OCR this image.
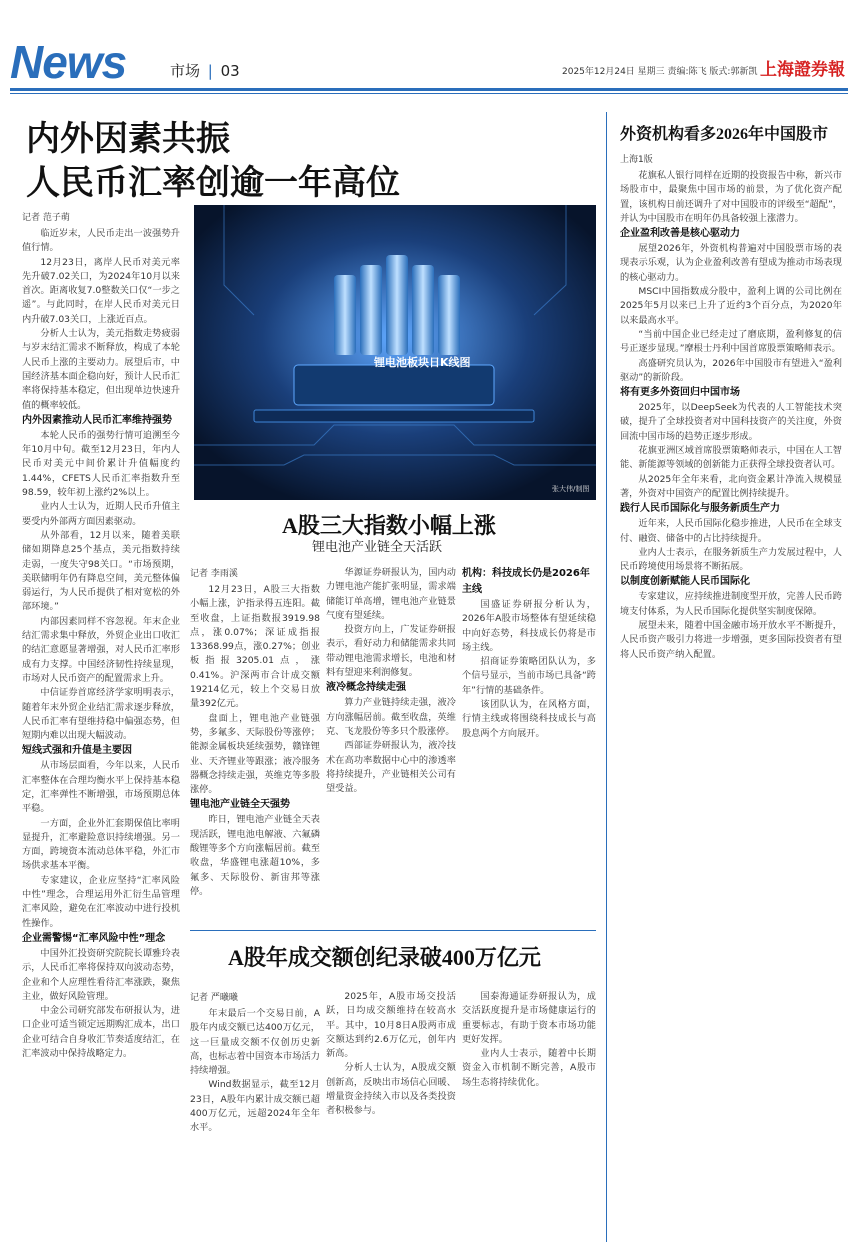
News	市场 | 03	2025年12月24日 星期三 责编:陈飞 版式:郭新凯 上海證券報
内外因素共振
人民币汇率创逾一年高位
记者 范子萌

临近岁末，人民币走出一波强势升值行情。

12月23日，离岸人民币对美元率先升破7.02关口，为2024年10月以来首次。距离收复7.0整数关口仅“一步之遥”。与此同时，在岸人民币对美元日内升破7.03关口，上涨近百点。

分析人士认为，美元指数走势疲弱与岁末结汇需求不断释放，构成了本轮人民币上涨的主要动力。展望后市，中国经济基本面企稳向好，预计人民币汇率将保持基本稳定，但出现单边快速升值的概率较低。

内外因素推动人民币汇率维持强势

本轮人民币的强势行情可追溯至今年10月中旬。截至12月23日，年内人民币对美元中间价累计升值幅度约1.44%，CFETS人民币汇率指数升至98.59，较年初上涨约2%以上。

业内人士认为，近期人民币升值主要受内外部两方面因素驱动。

从外部看，12月以来，随着美联储如期降息25个基点，美元指数持续走弱，一度失守98关口。“市场预期，美联储明年仍有降息空间，美元整体偏弱运行，为人民币提供了相对宽松的外部环境。”

内部因素同样不容忽视。年末企业结汇需求集中释放，外贸企业出口收汇的结汇意愿显著增强，对人民币汇率形成有力支撑。中国经济韧性持续显现，市场对人民币资产的配置需求上升。

中信证券首席经济学家明明表示，随着年末外贸企业结汇需求逐步释放，人民币汇率有望维持稳中偏强态势，但短期内难以出现大幅波动。

短线式强和升值是主要因

从市场层面看，今年以来，人民币汇率整体在合理均衡水平上保持基本稳定，汇率弹性不断增强，市场预期总体平稳。

一方面，企业外汇套期保值比率明显提升，汇率避险意识持续增强。另一方面，跨境资本流动总体平稳，外汇市场供求基本平衡。

专家建议，企业应坚持“汇率风险中性”理念，合理运用外汇衍生品管理汇率风险，避免在汇率波动中进行投机性操作。

企业需警惕“汇率风险中性”理念

中国外汇投资研究院院长谭雅玲表示，人民币汇率将保持双向波动态势，企业和个人应理性看待汇率涨跌，聚焦主业，做好风险管理。

中金公司研究部发布研报认为，进口企业可适当锁定远期购汇成本，出口企业可结合自身收汇节奏适度结汇，在汇率波动中保持战略定力。

锂电池板块日K线图
张大伟/制图
A股三大指数小幅上涨
锂电池产业链全天活跃
记者 李雨溪

12月23日，A股三大指数小幅上涨，沪指录得五连阳。截至收盘，上证指数报3919.98点，涨0.07%；深证成指报13368.99点，涨0.27%；创业板指报3205.01点，涨0.41%。沪深两市合计成交额19214亿元，较上个交易日放量392亿元。

盘面上，锂电池产业链强势，多氟多、天际股份等涨停；能源金属板块延续强势，赣锋锂业、天齐锂业等跟涨；液冷服务器概念持续走强，英维克等多股涨停。

锂电池产业链全天强势

昨日，锂电池产业链全天表现活跃，锂电池电解液、六氟磷酸锂等多个方向涨幅居前。截至收盘，华盛锂电涨超10%，多氟多、天际股份、新宙邦等涨停。

华源证券研报认为，国内动力锂电池产能扩张明显，需求端储能订单高增，锂电池产业链景气度有望延续。

投资方向上，广发证券研报表示，看好动力和储能需求共同带动锂电池需求增长，电池和材料有望迎来利润修复。

液冷概念持续走强

算力产业链持续走强，液冷方向涨幅居前。截至收盘，英维克、飞龙股份等多只个股涨停。

西部证券研报认为，液冷技术在高功率数据中心中的渗透率将持续提升，产业链相关公司有望受益。

机构：科技成长仍是2026年主线

国盛证券研报分析认为，2026年A股市场整体有望延续稳中向好态势，科技成长仍将是市场主线。

招商证券策略团队认为，多个信号显示，当前市场已具备“跨年”行情的基础条件。

该团队认为，在风格方面，行情主线或将围绕科技成长与高股息两个方向展开。

A股年成交额创纪录破400万亿元
记者 严曦曦

年末最后一个交易日前，A股年内成交额已达400万亿元，这一巨量成交额不仅创历史新高，也标志着中国资本市场活力持续增强。

Wind数据显示，截至12月23日，A股年内累计成交额已超400万亿元，远超2024年全年水平。

2025年，A股市场交投活跃，日均成交额维持在较高水平。其中，10月8日A股两市成交额达到约2.6万亿元，创年内新高。

分析人士认为，A股成交额创新高，反映出市场信心回暖、增量资金持续入市以及各类投资者积极参与。

国泰海通证券研报认为，成交活跃度提升是市场健康运行的重要标志，有助于资本市场功能更好发挥。

业内人士表示，随着中长期资金入市机制不断完善，A股市场生态将持续优化。

外资机构看多2026年中国股市
上海1版

花旗私人银行同样在近期的投资报告中称，新兴市场股市中，最聚焦中国市场的前景，为了优化资产配置，该机构日前还调升了对中国股市的评级至“超配”，并认为中国股市在明年仍具备较强上涨潜力。

企业盈利改善是核心驱动力

展望2026年，外资机构普遍对中国股票市场的表现表示乐观，认为企业盈利改善有望成为推动市场表现的核心驱动力。

MSCI中国指数成分股中，盈利上调的公司比例在2025年5月以来已上升了近约3个百分点，为2020年以来最高水平。

“当前中国企业已经走过了磨底期，盈利修复的信号正逐步显现。”摩根士丹利中国首席股票策略师表示。

高盛研究员认为，2026年中国股市有望进入“盈利驱动”的新阶段。

将有更多外资回归中国市场

2025年，以DeepSeek为代表的人工智能技术突破，提升了全球投资者对中国科技资产的关注度，外资回流中国市场的趋势正逐步形成。

花旗亚洲区域首席股票策略师表示，中国在人工智能、新能源等领域的创新能力正获得全球投资者认可。

从2025年全年来看，北向资金累计净流入规模显著，外资对中国资产的配置比例持续提升。

践行人民币国际化与服务新质生产力

近年来，人民币国际化稳步推进，人民币在全球支付、融资、储备中的占比持续提升。

业内人士表示，在服务新质生产力发展过程中，人民币跨境使用场景将不断拓展。

以制度创新赋能人民币国际化

专家建议，应持续推进制度型开放，完善人民币跨境支付体系，为人民币国际化提供坚实制度保障。

展望未来，随着中国金融市场开放水平不断提升，人民币资产吸引力将进一步增强，更多国际投资者有望将人民币资产纳入配置。
